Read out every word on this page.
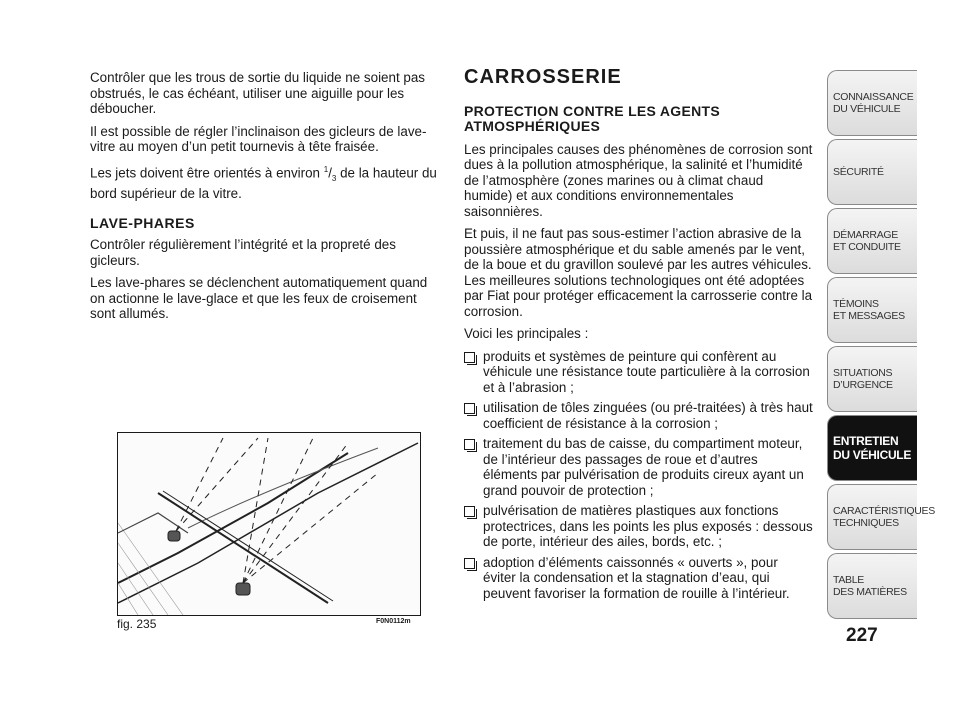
Contrôler que les trous de sortie du liquide ne soient pas obstrués, le cas échéant, utiliser une aiguille pour les déboucher.

Il est possible de régler l’inclinaison des gicleurs de lave-vitre au moyen d’un petit tournevis à tête fraisée.

Les jets doivent être orientés à environ $^1/_3$ de la hauteur du bord supérieur de la vitre.

LAVE-PHARES

Contrôler régulièrement l’intégrité et la propreté des gicleurs.

Les lave-phares se déclenchent automatiquement quand on actionne le lave-glace et que les feux de croisement sont allumés.

fig. 235	F0N0112m
CARROSSERIE
PROTECTION CONTRE LES AGENTS ATMOSPHÉRIQUES

Les principales causes des phénomènes de corrosion sont dues à la pollution atmosphérique, la salinité et l’humidité de l’atmosphère (zones marines ou à climat chaud humide) et aux conditions environnementales saisonnières.

Et puis, il ne faut pas sous-estimer l’action abrasive de la poussière atmosphérique et du sable amenés par le vent, de la boue et du gravillon soulevé par les autres véhicules. Les meilleures solutions technologiques ont été adoptées par Fiat pour protéger efficacement la carrosserie contre la corrosion.

Voici les principales :

produits et systèmes de peinture qui confèrent au véhicule une résistance toute particulière à la corrosion et à l’abrasion ;
utilisation de tôles zinguées (ou pré-traitées) à très haut coefficient de résistance à la corrosion ;
traitement du bas de caisse, du compartiment moteur, de l’intérieur des passages de roue et d’autres éléments par pulvérisation de produits cireux ayant un grand pouvoir de protection ;
pulvérisation de matières plastiques aux fonctions protectrices, dans les points les plus exposés : dessous de porte, intérieur des ailes, bords, etc. ;
adoption d’éléments caissonnés « ouverts », pour éviter la condensation et la stagnation d’eau, qui peuvent favoriser la formation de rouille à l’intérieur.
CONNAISSANCE
DU VÉHICULE
SÉCURITÉ
DÉMARRAGE
ET CONDUITE
TÉMOINS
ET MESSAGES
SITUATIONS
D’URGENCE
ENTRETIEN
DU VÉHICULE
CARACTÉRISTIQUES
TECHNIQUES
TABLE
DES MATIÈRES
227
